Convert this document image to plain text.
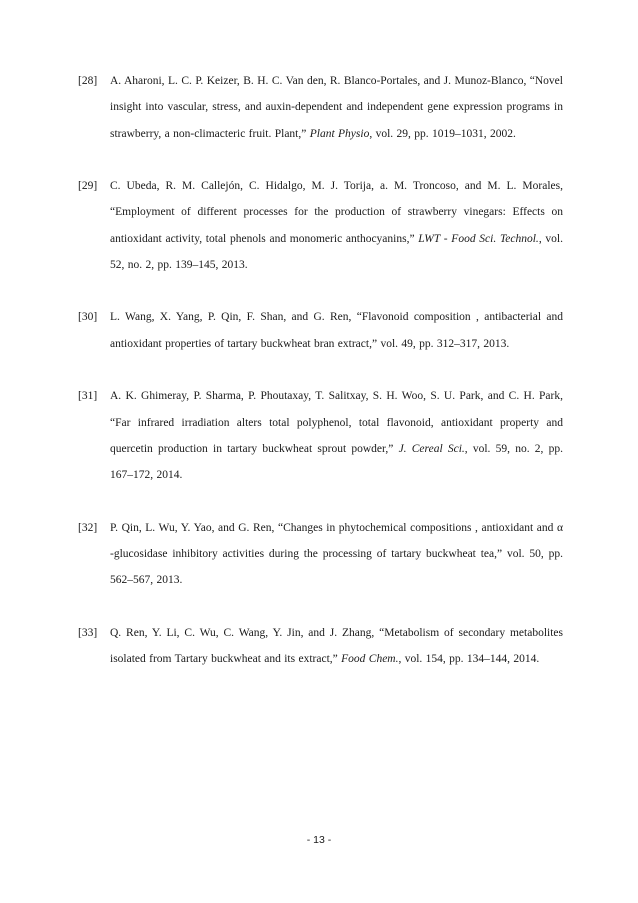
[28]	A. Aharoni, L. C. P. Keizer, B. H. C. Van den, R. Blanco-Portales, and J. Munoz-Blanco, “Novel insight into vascular, stress, and auxin-dependent and independent gene expression programs in strawberry, a non-climacteric fruit. Plant,” Plant Physio, vol. 29, pp. 1019–1031, 2002.
[29]	C. Ubeda, R. M. Callejón, C. Hidalgo, M. J. Torija, a. M. Troncoso, and M. L. Morales, “Employment of different processes for the production of strawberry vinegars: Effects on antioxidant activity, total phenols and monomeric anthocyanins,” LWT - Food Sci. Technol., vol. 52, no. 2, pp. 139–145, 2013.
[30]	L. Wang, X. Yang, P. Qin, F. Shan, and G. Ren, “Flavonoid composition , antibacterial and antioxidant properties of tartary buckwheat bran extract,” vol. 49, pp. 312–317, 2013.
[31]	A. K. Ghimeray, P. Sharma, P. Phoutaxay, T. Salitxay, S. H. Woo, S. U. Park, and C. H. Park, “Far infrared irradiation alters total polyphenol, total flavonoid, antioxidant property and quercetin production in tartary buckwheat sprout powder,” J. Cereal Sci., vol. 59, no. 2, pp. 167–172, 2014.
[32]	P. Qin, L. Wu, Y. Yao, and G. Ren, “Changes in phytochemical compositions , antioxidant and α -glucosidase inhibitory activities during the processing of tartary buckwheat tea,” vol. 50, pp. 562–567, 2013.
[33]	Q. Ren, Y. Li, C. Wu, C. Wang, Y. Jin, and J. Zhang, “Metabolism of secondary metabolites isolated from Tartary buckwheat and its extract,” Food Chem., vol. 154, pp. 134–144, 2014.
- 13 -
